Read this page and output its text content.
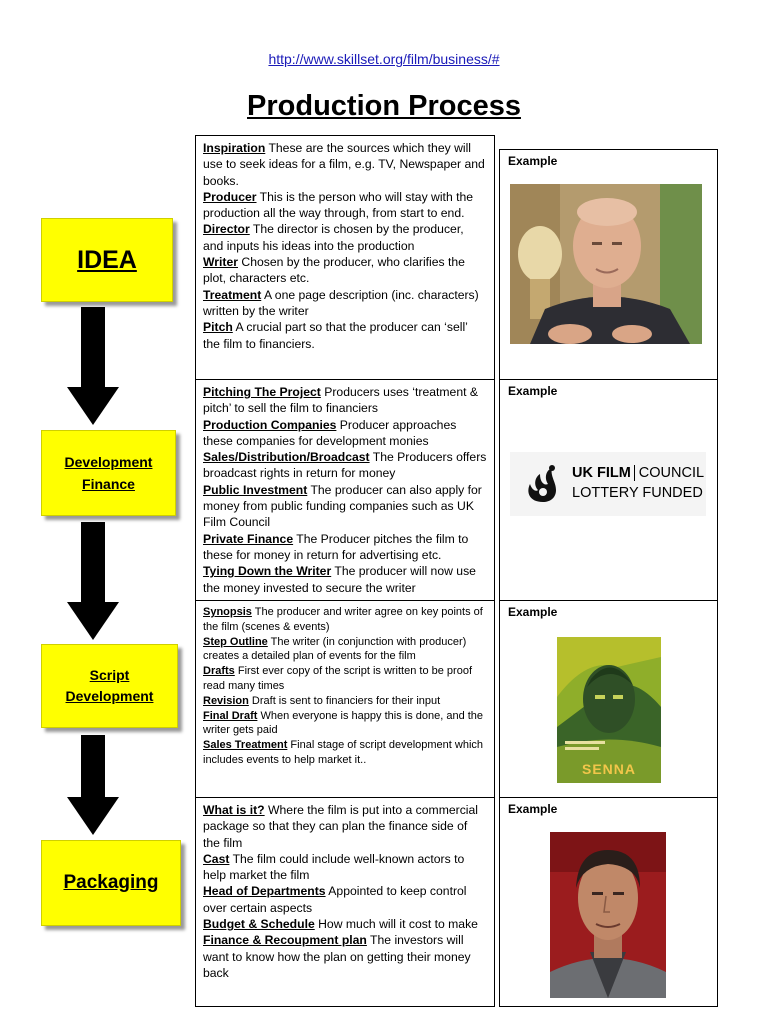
http://www.skillset.org/film/business/#
Production Process
IDEA
Development Finance
Script Development
Packaging

Inspiration These are the sources which they will use to seek ideas for a film, e.g. TV, Newspaper and books.

Producer This is the person who will stay with the production all the way through, from start to end.

Director The director is chosen by the producer, and inputs his ideas into the production

Writer Chosen by the producer, who clarifies the plot, characters etc.

Treatment A one page description (inc. characters) written by the writer

Pitch A crucial part so that the producer can ‘sell’ the film to financiers.

Pitching The Project Producers uses ‘treatment & pitch’ to sell the film to financiers

Production Companies Producer approaches these companies for development monies

Sales/Distribution/Broadcast The Producers offers broadcast rights in return for money

Public Investment The producer can also apply for money from public funding companies such as UK Film Council

Private Finance The Producer pitches the film to these for money in return for advertising etc.

Tying Down the Writer The producer will now use the money invested to secure the writer

Synopsis The producer and writer agree on key points of the film (scenes & events)

Step Outline The writer (in conjunction with producer) creates a detailed plan of events for the film

Drafts First ever copy of the script is written to be proof read many times

Revision Draft is sent to financiers for their input

Final Draft When everyone is happy this is done, and the writer gets paid

Sales Treatment Final stage of script development which includes events to help market it..

What is it? Where the film is put into a commercial package so that they can plan the finance side of the film

Cast The film could include well-known actors to help market the film

Head of Departments Appointed to keep control over certain aspects

Budget & Schedule How much will it cost to make

Finance & Recoupment plan The investors will want to know how the plan on getting their money back

Example
Example
UK FILM COUNCIL
LOTTERY FUNDED
Example
SENNA
Example
